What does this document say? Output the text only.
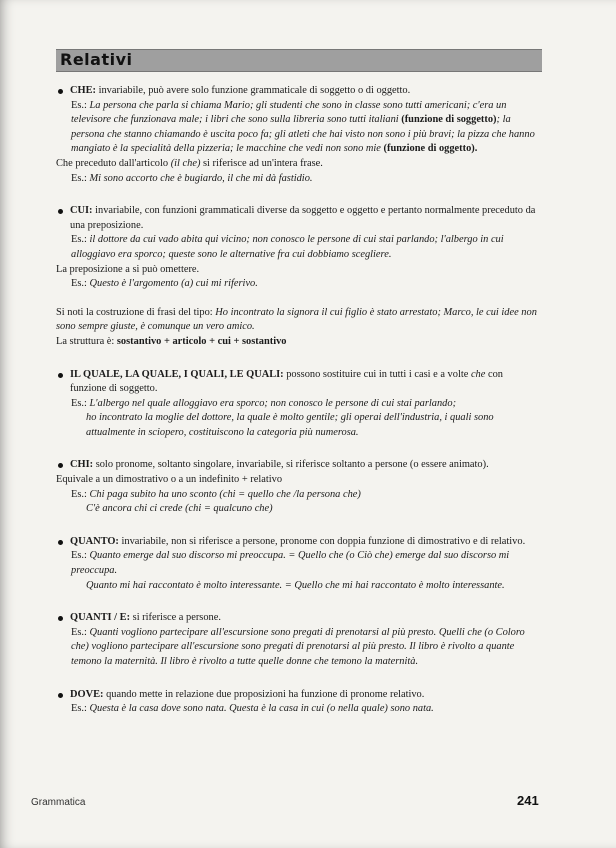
Relativi
CHE: invariabile, può avere solo funzione grammaticale di soggetto o di oggetto.
Es.: La persona che parla si chiama Mario; gli studenti che sono in classe sono tutti americani; c'era un televisore che funzionava male; i libri che sono sulla libreria sono tutti italiani (funzione di soggetto); la persona che stanno chiamando è uscita poco fa; gli atleti che hai visto non sono i più bravi; la pizza che hanno mangiato è la specialità della pizzeria; le macchine che vedi non sono mie (funzione di oggetto).
Che preceduto dall'articolo (il che) si riferisce ad un'intera frase.
Es.: Mi sono accorto che è bugiardo, il che mi dà fastidio.
CUI: invariabile, con funzioni grammaticali diverse da soggetto e oggetto e pertanto normalmente preceduto da una preposizione.
Es.: il dottore da cui vado abita qui vicino; non conosco le persone di cui stai parlando; l'albergo in cui alloggiavo era sporco; queste sono le alternative fra cui dobbiamo scegliere.
La preposizione a si può omettere.
Es.: Questo è l'argomento (a) cui mi riferivo.
Si noti la costruzione di frasi del tipo: Ho incontrato la signora il cui figlio è stato arrestato; Marco, le cui idee non sono sempre giuste, è comunque un vero amico.
La struttura è: sostantivo + articolo + cui + sostantivo
IL QUALE, LA QUALE, I QUALI, LE QUALI: possono sostituire cui in tutti i casi e a volte che con funzione di soggetto.
Es.: L'albergo nel quale alloggiavo era sporco; non conosco le persone di cui stai parlando;
ho incontrato la moglie del dottore, la quale è molto gentile; gli operai dell'industria, i quali sono attualmente in sciopero, costituiscono la categoria più numerosa.
CHI: solo pronome, soltanto singolare, invariabile, si riferisce soltanto a persone (o essere animato).
Equivale a un dimostrativo o a un indefinito + relativo
Es.: Chi paga subito ha uno sconto (chi = quello che /la persona che)
C'è ancora chi ci crede (chi = qualcuno che)
QUANTO: invariabile, non si riferisce a persone, pronome con doppia funzione di dimostrativo e di relativo.
Es.: Quanto emerge dal suo discorso mi preoccupa. = Quello che (o Ciò che) emerge dal suo discorso mi preoccupa.
Quanto mi hai raccontato è molto interessante. = Quello che mi hai raccontato è molto interessante.
QUANTI / E: si riferisce a persone.
Es.: Quanti vogliono partecipare all'escursione sono pregati di prenotarsi al più presto. Quelli che (o Coloro che) vogliono partecipare all'escursione sono pregati di prenotarsi al più presto. Il libro è rivolto a quante temono la maternità. Il libro è rivolto a tutte quelle donne che temono la maternità.
DOVE: quando mette in relazione due proposizioni ha funzione di pronome relativo.
Es.: Questa è la casa dove sono nata. Questa è la casa in cui (o nella quale) sono nata.
Grammatica	241
